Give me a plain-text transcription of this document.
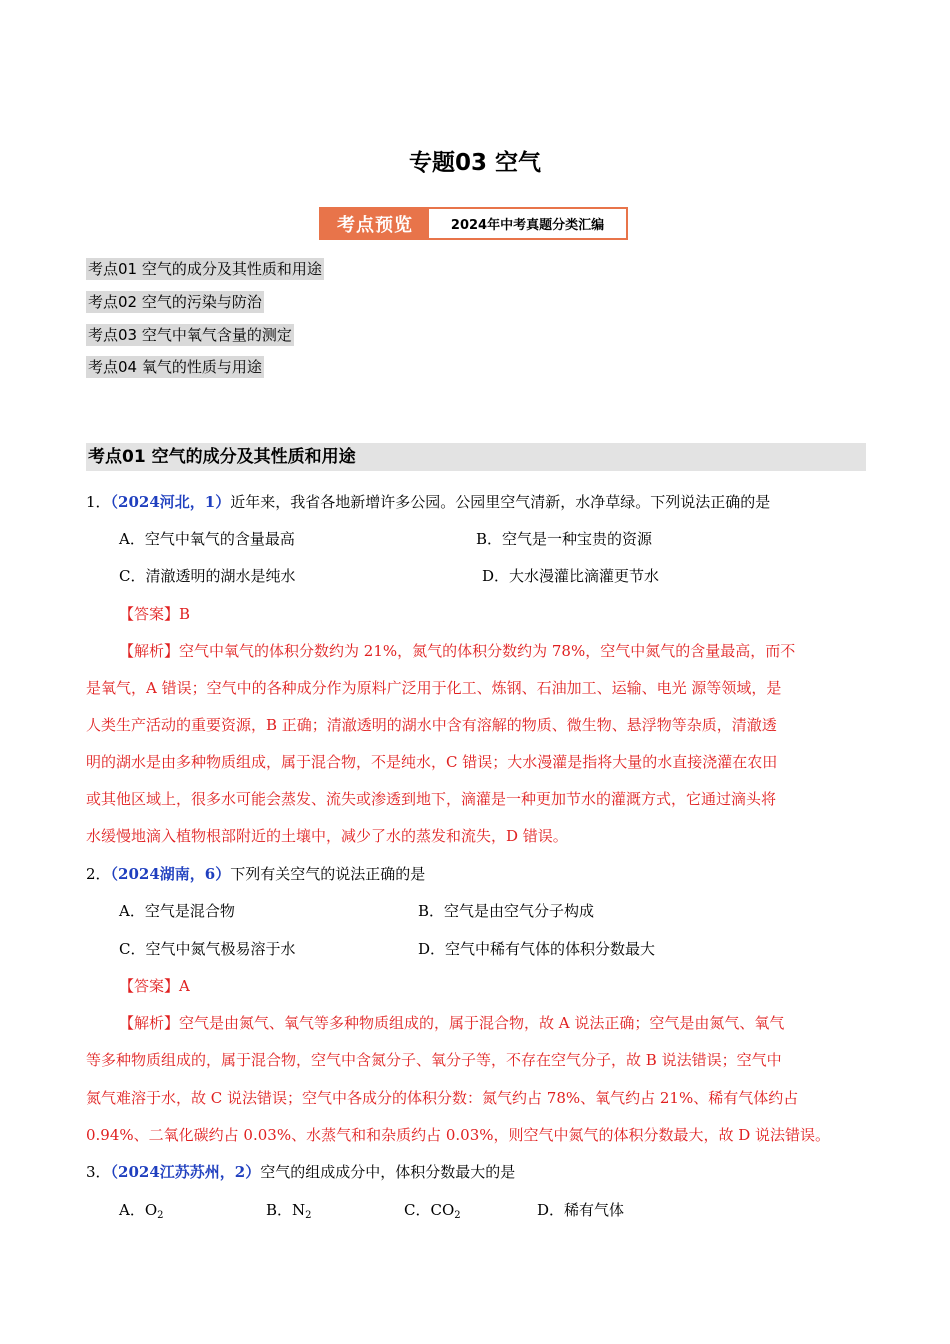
专题03 空气
考点预览	2024年中考真题分类汇编
考点01 空气的成分及其性质和用途
考点02 空气的污染与防治
考点03 空气中氧气含量的测定
考点04 氧气的性质与用途
考点01 空气的成分及其性质和用途
1．（2024河北，1）近年来，我省各地新增许多公园。公园里空气清新，水净草绿。下列说法正确的是
A．空气中氧气的含量最高	B．空气是一种宝贵的资源
C．清澈透明的湖水是纯水	D．大水漫灌比滴灌更节水
【答案】B
【解析】空气中氧气的体积分数约为 21%，氮气的体积分数约为 78%，空气中氮气的含量最高，而不
是氧气，A 错误；空气中的各种成分作为原料广泛用于化工、炼钢、石油加工、运输、电光 源等领域，是
人类生产活动的重要资源，B 正确；清澈透明的湖水中含有溶解的物质、微生物、悬浮物等杂质，清澈透
明的湖水是由多种物质组成，属于混合物，不是纯水，C 错误；大水漫灌是指将大量的水直接浇灌在农田
或其他区域上，很多水可能会蒸发、流失或渗透到地下，滴灌是一种更加节水的灌溉方式，它通过滴头将
水缓慢地滴入植物根部附近的土壤中，减少了水的蒸发和流失，D 错误。
2．（2024湖南，6）下列有关空气的说法正确的是
A．空气是混合物	B．空气是由空气分子构成
C．空气中氮气极易溶于水	D．空气中稀有气体的体积分数最大
【答案】A
【解析】空气是由氮气、氧气等多种物质组成的，属于混合物，故 A 说法正确；空气是由氮气、氧气
等多种物质组成的，属于混合物，空气中含氮分子、氧分子等，不存在空气分子，故 B 说法错误；空气中
氮气难溶于水，故 C 说法错误；空气中各成分的体积分数：氮气约占 78%、氧气约占 21%、稀有气体约占
0.94%、二氧化碳约占 0.03%、水蒸气和和杂质约占 0.03%，则空气中氮气的体积分数最大，故 D 说法错误。
3．（2024江苏苏州，2）空气的组成成分中，体积分数最大的是
A．$O_2$	B．$N_2$	C．$CO_2$	D．稀有气体
